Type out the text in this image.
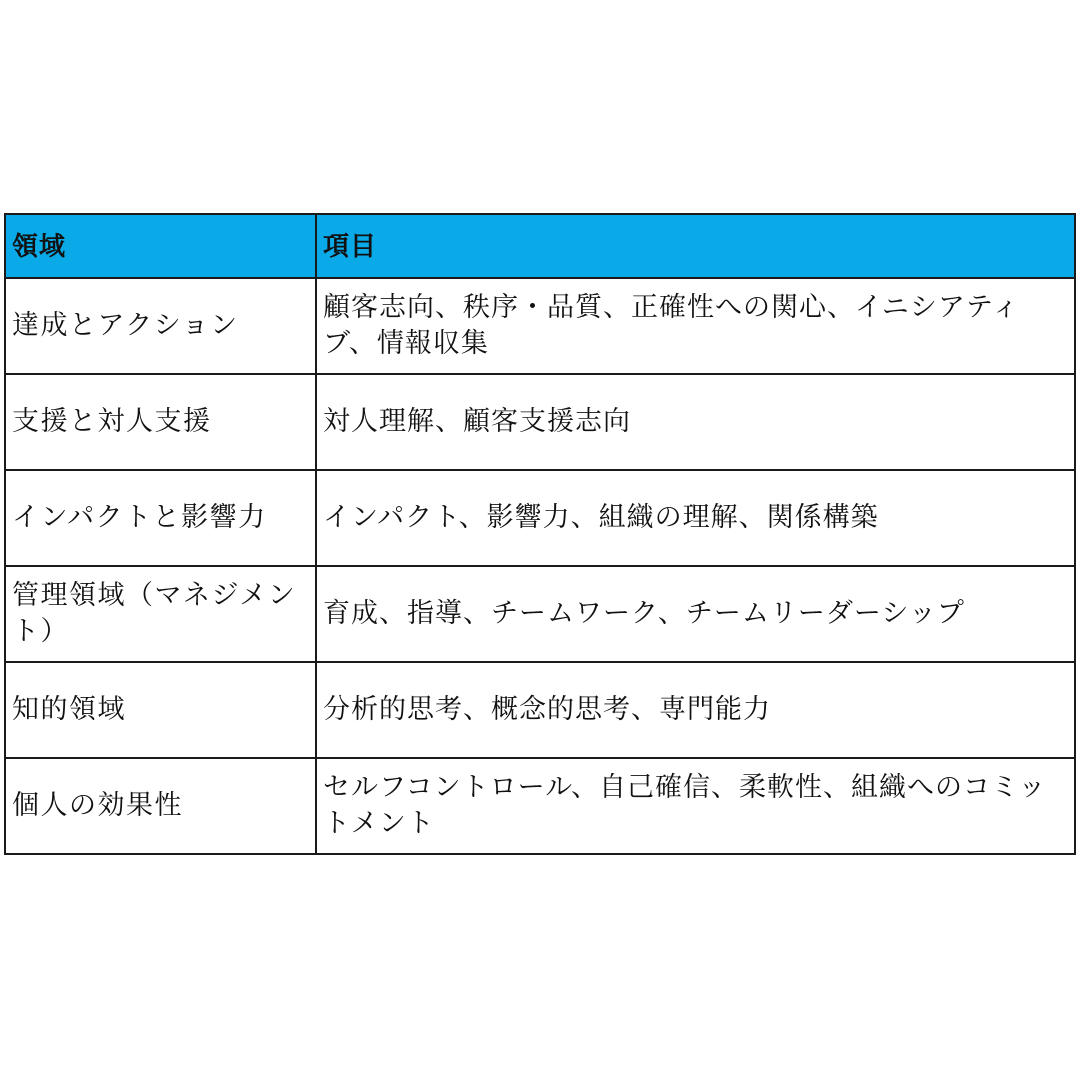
領域	項目
達成とアクション	顧客志向、秩序・品質、正確性への関心、イニシアティブ、情報収集
支援と対人支援	対人理解、顧客支援志向
インパクトと影響力	インパクト、影響力、組織の理解、関係構築
管理領域（マネジメント）	育成、指導、チームワーク、チームリーダーシップ
知的領域	分析的思考、概念的思考、専門能力
個人の効果性	セルフコントロール、自己確信、柔軟性、組織へのコミットメント
